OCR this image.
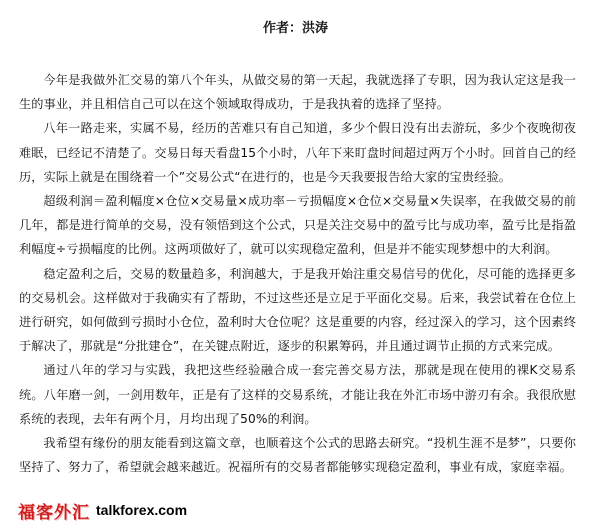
作者：洪涛

今年是我做外汇交易的第八个年头，从做交易的第一天起，我就选择了专职，因为我认定这是我一生的事业，并且相信自己可以在这个领域取得成功，于是我执着的选择了坚持。

八年一路走来，实属不易，经历的苦难只有自己知道，多少个假日没有出去游玩，多少个夜晚彻夜难眠，已经记不清楚了。交易日每天看盘15个小时，八年下来盯盘时间超过两万个小时。回首自己的经历，实际上就是在围绕着一个”交易公式“在进行的，也是今天我要报告给大家的宝贵经验。

超级利润＝盈利幅度×仓位×交易量×成功率－亏损幅度×仓位×交易量×失误率，在我做交易的前几年，都是进行简单的交易，没有领悟到这个公式，只是关注交易中的盈亏比与成功率，盈亏比是指盈利幅度÷亏损幅度的比例。这两项做好了，就可以实现稳定盈利，但是并不能实现梦想中的大利润。

稳定盈利之后，交易的数量趋多，利润越大，于是我开始注重交易信号的优化，尽可能的选择更多的交易机会。这样做对于我确实有了帮助，不过这些还是立足于平面化交易。后来，我尝试着在仓位上进行研究，如何做到亏损时小仓位，盈利时大仓位呢？这是重要的内容，经过深入的学习，这个因素终于解决了，那就是“分批建仓”，在关键点附近，逐步的积累筹码，并且通过调节止损的方式来完成。

通过八年的学习与实践，我把这些经验融合成一套完善交易方法，那就是现在使用的裸K交易系统。八年磨一剑，一剑用数年，正是有了这样的交易系统，才能让我在外汇市场中游刃有余。我很欣慰系统的表现，去年有两个月，月均出现了50%的利润。

我希望有缘份的朋友能看到这篇文章，也顺着这个公式的思路去研究。“投机生涯不是梦”，只要你坚持了、努力了，希望就会越来越近。祝福所有的交易者都能够实现稳定盈利，事业有成，家庭幸福。

福客外汇 talkforex.com
